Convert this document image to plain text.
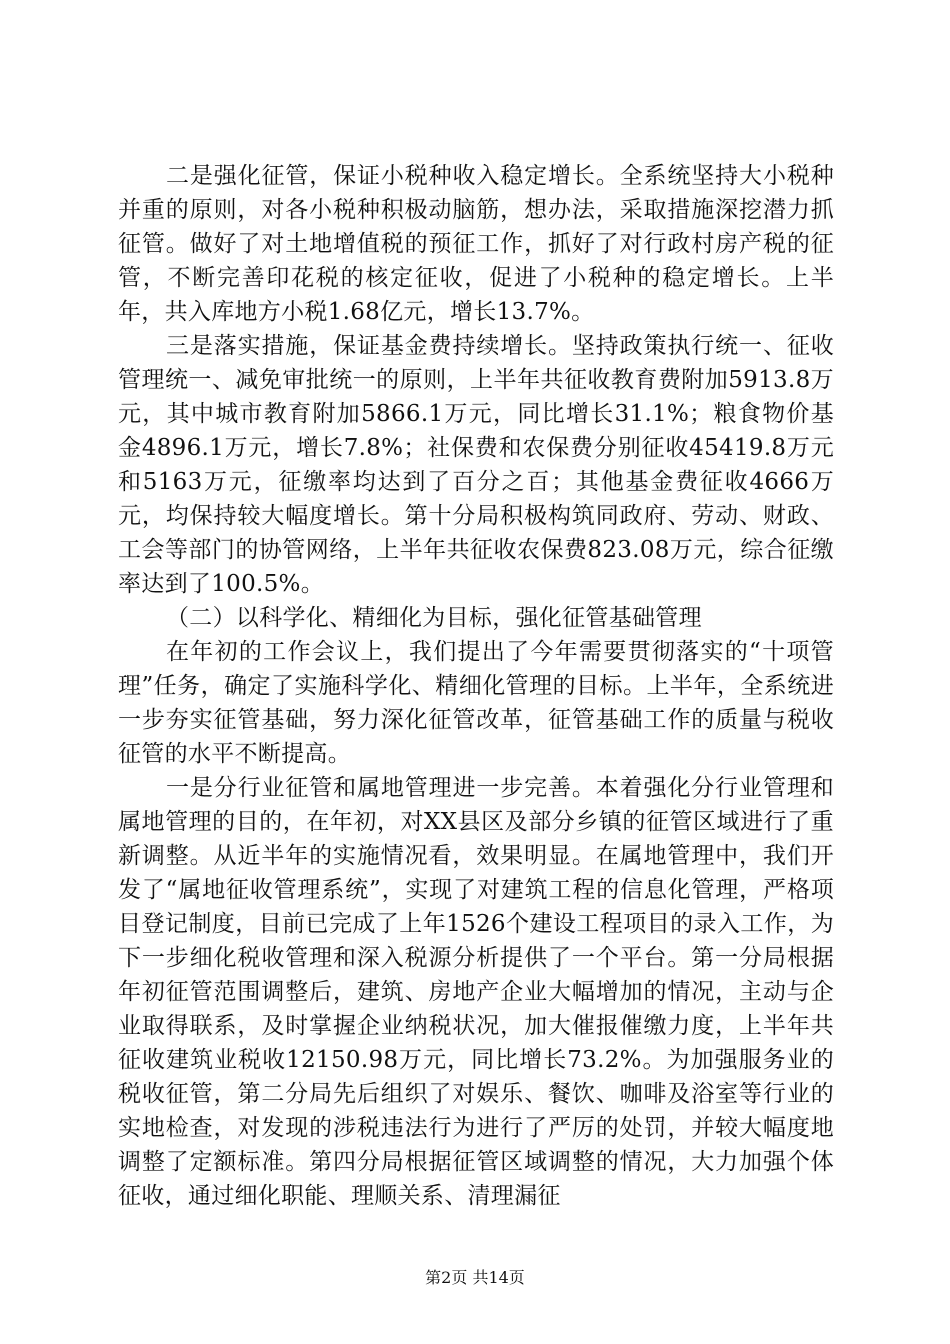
二是强化征管，保证小税种收入稳定增长。全系统坚持大小税种并重的原则，对各小税种积极动脑筋，想办法，采取措施深挖潜力抓征管。做好了对土地增值税的预征工作，抓好了对行政村房产税的征管，不断完善印花税的核定征收，促进了小税种的稳定增长。上半年，共入库地方小税1.68亿元，增长13.7%。

三是落实措施，保证基金费持续增长。坚持政策执行统一、征收管理统一、减免审批统一的原则，上半年共征收教育费附加5913.8万元，其中城市教育附加5866.1万元，同比增长31.1%；粮食物价基金4896.1万元，增长7.8%；社保费和农保费分别征收45419.8万元和5163万元，征缴率均达到了百分之百；其他基金费征收4666万元，均保持较大幅度增长。第十分局积极构筑同政府、劳动、财政、工会等部门的协管网络，上半年共征收农保费823.08万元，综合征缴率达到了100.5%。

（二）以科学化、精细化为目标，强化征管基础管理

在年初的工作会议上，我们提出了今年需要贯彻落实的“十项管理”任务，确定了实施科学化、精细化管理的目标。上半年，全系统进一步夯实征管基础，努力深化征管改革，征管基础工作的质量与税收征管的水平不断提高。

一是分行业征管和属地管理进一步完善。本着强化分行业管理和属地管理的目的，在年初，对XX县区及部分乡镇的征管区域进行了重新调整。从近半年的实施情况看，效果明显。在属地管理中，我们开发了“属地征收管理系统”，实现了对建筑工程的信息化管理，严格项目登记制度，目前已完成了上年1526个建设工程项目的录入工作，为下一步细化税收管理和深入税源分析提供了一个平台。第一分局根据年初征管范围调整后，建筑、房地产企业大幅增加的情况，主动与企业取得联系，及时掌握企业纳税状况，加大催报催缴力度，上半年共征收建筑业税收12150.98万元，同比增长73.2%。为加强服务业的税收征管，第二分局先后组织了对娱乐、餐饮、咖啡及浴室等行业的实地检查，对发现的涉税违法行为进行了严厉的处罚，并较大幅度地调整了定额标准。第四分局根据征管区域调整的情况，大力加强个体征收，通过细化职能、理顺关系、清理漏征

第2页 共14页
